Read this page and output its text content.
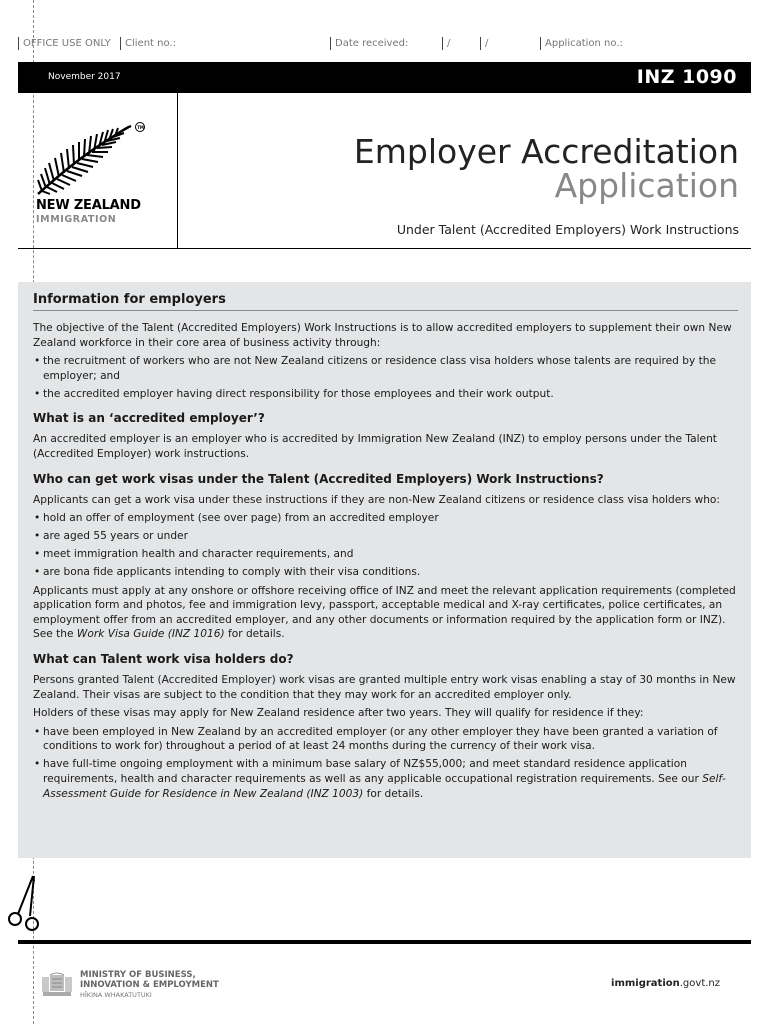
OFFICE USE ONLY	Client no.:	Date received:	/	/	Application no.:
November 2017	INZ 1090
TM
NEW ZEALAND
IMMIGRATION
Employer Accreditation
Application
Under Talent (Accredited Employers) Work Instructions
Information for employers

The objective of the Talent (Accredited Employers) Work Instructions is to allow accredited employers to supplement their own New Zealand workforce in their core area of business activity through:

• the recruitment of workers who are not New Zealand citizens or residence class visa holders whose talents are required by the employer; and
• the accredited employer having direct responsibility for those employees and their work output.
What is an ‘accredited employer’?

An accredited employer is an employer who is accredited by Immigration New Zealand (INZ) to employ persons under the Talent (Accredited Employer) work instructions.

Who can get work visas under the Talent (Accredited Employers) Work Instructions?

Applicants can get a work visa under these instructions if they are non-New Zealand citizens or residence class visa holders who:

• hold an offer of employment (see over page) from an accredited employer
• are aged 55 years or under
• meet immigration health and character requirements, and
• are bona fide applicants intending to comply with their visa conditions.

Applicants must apply at any onshore or offshore receiving office of INZ and meet the relevant application requirements (completed application form and photos, fee and immigration levy, passport, acceptable medical and X-ray certificates, police certificates, an employment offer from an accredited employer, and any other documents or information required by the application form or INZ). See the Work Visa Guide (INZ 1016) for details.

What can Talent work visa holders do?

Persons granted Talent (Accredited Employer) work visas are granted multiple entry work visas enabling a stay of 30 months in New Zealand. Their visas are subject to the condition that they may work for an accredited employer only.

Holders of these visas may apply for New Zealand residence after two years. They will qualify for residence if they:

• have been employed in New Zealand by an accredited employer (or any other employer they have been granted a variation of conditions to work for) throughout a period of at least 24 months during the currency of their work visa.
• have full-time ongoing employment with a minimum base salary of NZ$55,000; and meet standard residence application requirements, health and character requirements as well as any applicable occupational registration requirements. See our Self-Assessment Guide for Residence in New Zealand (INZ 1003) for details.
MINISTRY OF BUSINESS,
INNOVATION & EMPLOYMENT
HĪKINA WHAKATUTUKI
immigration.govt.nz
